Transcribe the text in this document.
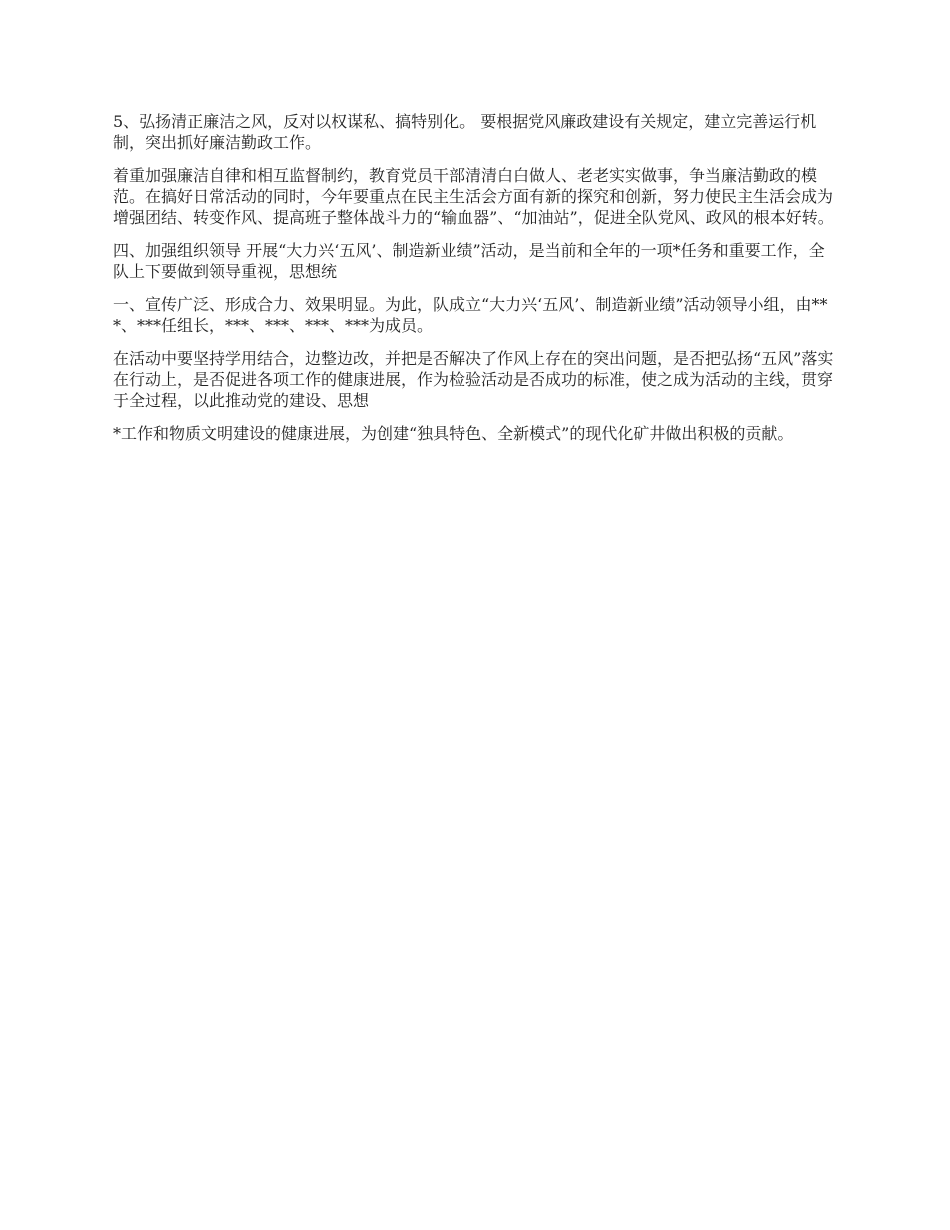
5、弘扬清正廉洁之风，反对以权谋私、搞特别化。 要根据党风廉政建设有关规定，建立完善运行机制，突出抓好廉洁勤政工作。

着重加强廉洁自律和相互监督制约，教育党员干部清清白白做人、老老实实做事，争当廉洁勤政的模范。在搞好日常活动的同时，今年要重点在民主生活会方面有新的探究和创新，努力使民主生活会成为增强团结、转变作风、提高班子整体战斗力的“输血器”、“加油站”，促进全队党风、政风的根本好转。

四、加强组织领导 开展“大力兴‘五风’、制造新业绩”活动，是当前和全年的一项*任务和重要工作，全队上下要做到领导重视，思想统

一、宣传广泛、形成合力、效果明显。为此，队成立“大力兴‘五风’、制造新业绩”活动领导小组，由***、***任组长，***、***、***、***为成员。

在活动中要坚持学用结合，边整边改，并把是否解决了作风上存在的突出问题，是否把弘扬“五风”落实在行动上，是否促进各项工作的健康进展，作为检验活动是否成功的标准，使之成为活动的主线，贯穿于全过程，以此推动党的建设、思想

*工作和物质文明建设的健康进展，为创建“独具特色、全新模式”的现代化矿井做出积极的贡献。
